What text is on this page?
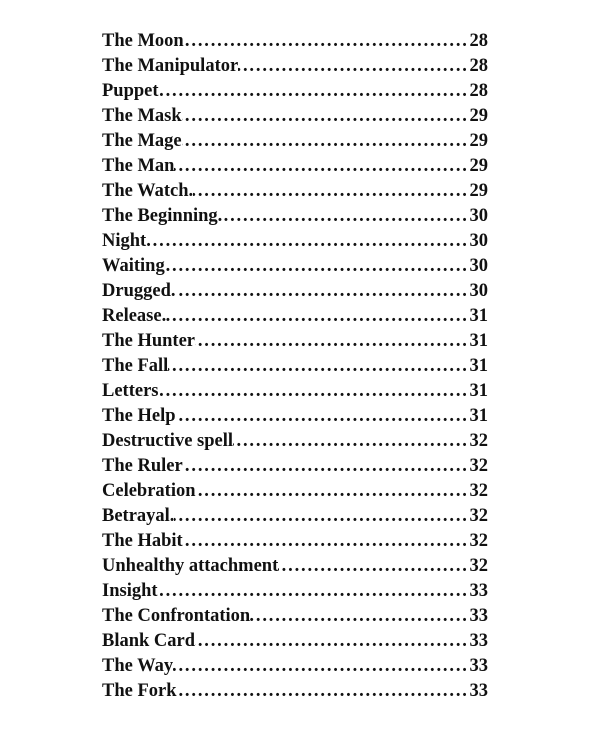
The Moon . . .	28
The Manipulator . . .	28
Puppet . . .	28
The Mask . . .	29
The Mage . . .	29
The Man . . .	29
The Watch. . . .	29
The Beginning. . . .	30
Night . . .	30
Waiting . . .	30
Drugged. . . .	30
Release. . . .	31
The Hunter . . .	31
The Fall . . .	31
Letters . . .	31
The Help . . .	31
Destructive spell . . .	32
The Ruler . . .	32
Celebration . . .	32
Betrayal. . . .	32
The Habit . . .	32
Unhealthy attachment . . .	32
Insight . . .	33
The Confrontation . . .	33
Blank Card . . .	33
The Way . . .	33
The Fork . . .	33
